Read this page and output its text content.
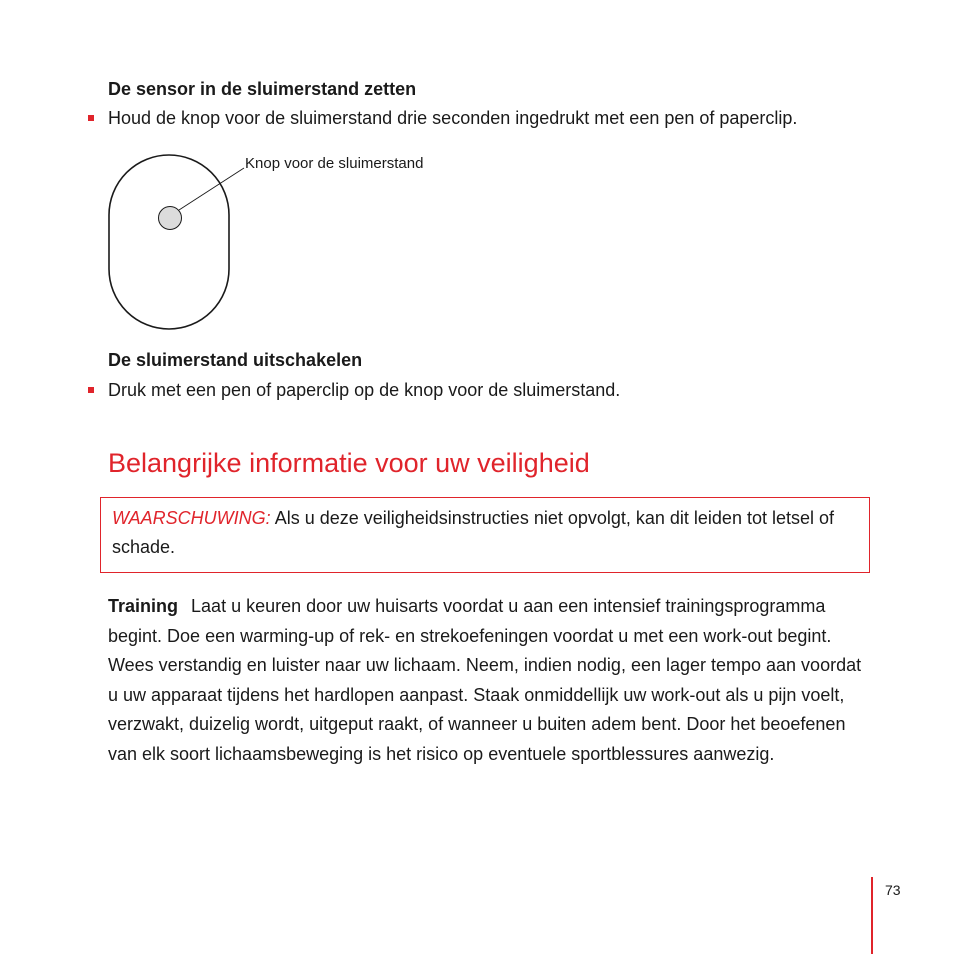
De sensor in de sluimerstand zetten
Houd de knop voor de sluimerstand drie seconden ingedrukt met een pen of paperclip.
Knop voor de sluimerstand
De sluimerstand uitschakelen
Druk met een pen of paperclip op de knop voor de sluimerstand.
Belangrijke informatie voor uw veiligheid
WAARSCHUWING: Als u deze veiligheidsinstructies niet opvolgt, kan dit leiden tot letsel of schade.
Training Laat u keuren door uw huisarts voordat u aan een intensief trainingsprogramma begint. Doe een warming-up of rek- en strekoefeningen voordat u met een work-out begint. Wees verstandig en luister naar uw lichaam. Neem, indien nodig, een lager tempo aan voordat u uw apparaat tijdens het hardlopen aanpast. Staak onmiddellijk uw work-out als u pijn voelt, verzwakt, duizelig wordt, uitgeput raakt, of wanneer u buiten adem bent. Door het beoefenen van elk soort lichaamsbeweging is het risico op eventuele sportblessures aanwezig.
73
